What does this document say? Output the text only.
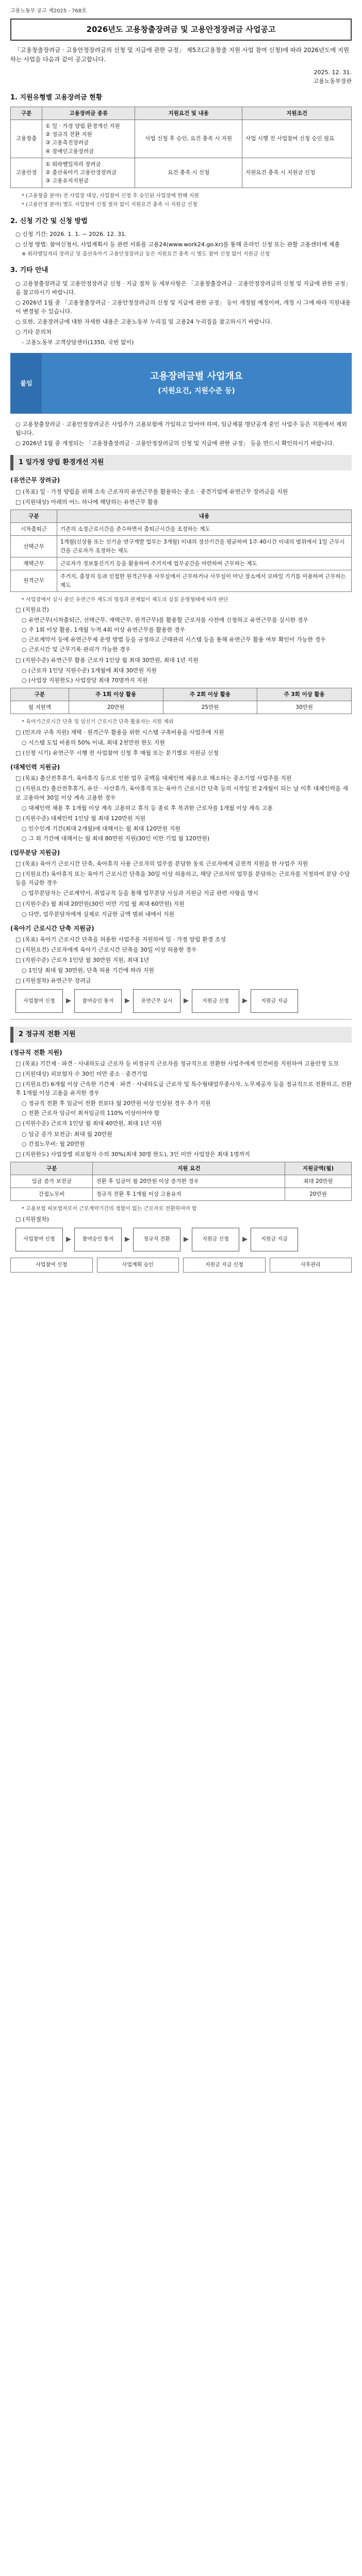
고용노동부 공고 제2025 - 768호
2026년도 고용창출장려금 및 고용안정장려금 사업공고
「고용창출장려금 · 고용안정장려금의 신청 및 지급에 관한 규정」 제5조(고용창출 지원 사업 참여 신청)에 따라 2026년도에 지원하는 사업을 다음과 같이 공고합니다.
2025. 12. 31.
고용노동부장관
1. 지원유형별 고용장려금 현황
구분	고용장려금 종류	지원요건 및 내용	지원조건
고용창출	① 일 · 가정 양립 환경개선 지원
② 정규직 전환 지원
③ 고용촉진장려금
④ 장애인고용장려금	사업 신청 후 승인, 요건 충족 시 지원	사업 시행 전 사업참여 신청 승인 필요
고용안정	① 워라밸일자리 장려금
② 출산육아기 고용안정장려금
③ 고용유지지원금	요건 충족 시 신청	지원요건 충족 시 지원금 신청
* (고용창출 분야) 전 사업장 대상, 사업참여 신청 후 승인된 사업장에 한해 지원
* (고용안정 분야) 별도 사업참여 신청 절차 없이 지원요건 충족 시 지원금 신청
2. 신청 기간 및 신청 방법
○ 신청 기간: 2026. 1. 1. ~ 2026. 12. 31.
○ 신청 방법: 참여신청서, 사업계획서 등 관련 서류를 고용24(www.work24.go.kr)를 통해 온라인 신청 또는 관할 고용센터에 제출
※ 워라밸일자리 장려금 및 출산육아기 고용안정장려금 등은 지원요건 충족 시 별도 참여 신청 없이 지원금 신청
3. 기타 안내
○ 고용창출장려금 및 고용안정장려금 신청 · 지급 절차 등 세부사항은 「고용창출장려금 · 고용안정장려금의 신청 및 지급에 관한 규정」을 참고하시기 바랍니다.
○ 2026년 1월 중 「고용창출장려금 · 고용안정장려금의 신청 및 지급에 관한 규정」 등이 개정될 예정이며, 개정 시 그에 따라 지원내용이 변경될 수 있습니다.
○ 또한, 고용장려금에 대한 자세한 내용은 고용노동부 누리집 및 고용24 누리집을 참고하시기 바랍니다.
○ 기타 문의처
- 고용노동부 고객상담센터(1350, 국번 없이)
붙임
고용장려금별 사업개요
(지원요건, 지원수준 등)
○ 고용창출장려금 · 고용안정장려금은 사업주가 고용보험에 가입하고 있어야 하며, 임금체불 명단공개 중인 사업주 등은 지원에서 제외됩니다.
○ 2026년 1월 중 개정되는 「고용창출장려금 · 고용안정장려금의 신청 및 지급에 관한 규정」 등을 반드시 확인하시기 바랍니다.
1 일가정 양립 환경개선 지원
(유연근무 장려금)
□ (목표) 일 · 가정 양립을 위해 소속 근로자의 유연근무를 활용하는 중소 · 중견기업에 유연근무 장려금을 지원
□ (지원대상) 아래의 어느 하나에 해당하는 유연근무 활용
구분	내용
시차출퇴근	기존의 소정근로시간을 준수하면서 출퇴근시간을 조정하는 제도
선택근무	1개월(신상품 또는 신기술 연구개발 업무는 3개월) 이내의 정산기간을 평균하여 1주 40시간 이내의 범위에서 1일 근무시간을 근로자가 조정하는 제도
재택근무	근로자가 정보통신기기 등을 활용하여 주거지에 업무공간을 마련하여 근무하는 제도
원격근무	주거지, 출장지 등과 인접한 원격근무용 사무실에서 근무하거나 사무실이 아닌 장소에서 모바일 기기를 이용하여 근무하는 제도
* 사업장에서 실시 중인 유연근무 제도의 명칭과 관계없이 제도의 실질 운영형태에 따라 판단
□ (지원요건)
○ 유연근무(시차출퇴근, 선택근무, 재택근무, 원격근무)를 활용할 근로자를 사전에 신청하고 유연근무를 실시한 경우
○ 주 1회 이상 활용, 1개월 누적 4회 이상 유연근무를 활용한 경우
○ 근로계약서 등에 유연근무제 운영 방법 등을 규정하고 근태관리 시스템 등을 통해 유연근무 활용 여부 확인이 가능한 경우
○ 근로시간 및 근무기록 관리가 가능한 경우
□ (지원수준) 유연근무 활용 근로자 1인당 월 최대 30만원, 최대 1년 지원
○ (근로자 1인당 지원수준) 1개월에 최대 30만원 지원
○ (사업장 지원한도) 사업장당 최대 70명까지 지원
구분	주 1회 이상 활용	주 2회 이상 활용	주 3회 이상 활용
월 지원액	20만원	25만원	30만원
* 육아기근로시간 단축 및 임신기 근로시간 단축 활용자는 지원 제외
□ (인프라 구축 지원) 재택 · 원격근무 활용을 위한 시스템 구축비용을 사업주에 지원
○ 시스템 도입 비용의 50% 이내, 최대 2천만원 한도 지원
□ (신청 시기) 유연근무 시행 전 사업참여 신청 후 매월 또는 분기별로 지원금 신청
(대체인력 지원금)
□ (목표) 출산전후휴가, 육아휴직 등으로 인한 업무 공백을 대체인력 채용으로 해소하는 중소기업 사업주를 지원
□ (지원요건) 출산전후휴가, 유산 · 사산휴가, 육아휴직 또는 육아기 근로시간 단축 등의 시작일 전 2개월이 되는 날 이후 대체인력을 새로 고용하여 30일 이상 계속 고용한 경우
○ 대체인력 채용 후 1개월 이상 계속 고용하고 휴직 등 종료 후 복귀한 근로자를 1개월 이상 계속 고용
□ (지원수준) 대체인력 1인당 월 최대 120만원 지원
○ 인수인계 기간(최대 2개월)에 대해서는 월 최대 120만원 지원
○ 그 외 기간에 대해서는 월 최대 80만원 지원(30인 미만 기업 월 120만원)
(업무분담 지원금)
□ (목표) 육아기 근로시간 단축, 육아휴직 사용 근로자의 업무를 분담한 동료 근로자에게 금전적 지원을 한 사업주 지원
□ (지원요건) 육아휴직 또는 육아기 근로시간 단축을 30일 이상 허용하고, 해당 근로자의 업무를 분담하는 근로자를 지정하여 분담 수당 등을 지급한 경우
○ 업무분담자는 근로계약서, 취업규칙 등을 통해 업무분담 사실과 지원금 지급 관련 사항을 명시
□ (지원수준) 월 최대 20만원(30인 미만 기업 월 최대 60만원) 지원
○ 다만, 업무분담자에게 실제로 지급한 금액 범위 내에서 지원
(육아기 근로시간 단축 지원금)
□ (목표) 육아기 근로시간 단축을 허용한 사업주를 지원하여 일 · 가정 양립 환경 조성
□ (지원요건) 근로자에게 육아기 근로시간 단축을 30일 이상 허용한 경우
□ (지원수준) 근로자 1인당 월 30만원 지원, 최대 1년
○ 1인당 최대 월 30만원, 단축 허용 기간에 따라 지원
□ (지원절차) 유연근무 장려금
사업참여 신청	▶	참여승인 통지	▶	유연근무 실시	▶	지원금 신청	▶	지원금 지급
2 정규직 전환 지원
(정규직 전환 지원)
□ (목표) 기간제 · 파견 · 사내하도급 근로자 등 비정규직 근로자를 정규직으로 전환한 사업주에게 인건비를 지원하여 고용안정 도모
□ (지원대상) 피보험자 수 30인 미만 중소 · 중견기업
□ (지원요건) 6개월 이상 근속한 기간제 · 파견 · 사내하도급 근로자 및 특수형태업무종사자, 노무제공자 등을 정규직으로 전환하고, 전환 후 1개월 이상 고용을 유지한 경우
○ 정규직 전환 후 임금이 전환 전보다 월 20만원 이상 인상된 경우 추가 지원
○ 전환 근로자 임금이 최저임금의 110% 이상이어야 함
□ (지원수준) 근로자 1인당 월 최대 40만원, 최대 1년 지원
○ 임금 증가 보전금: 최대 월 20만원
○ 간접노무비: 월 20만원
□ (지원한도) 사업장별 피보험자 수의 30%(최대 30명 한도), 3인 미만 사업장은 최대 1명까지
구분	지원 요건	지원금액(월)
임금 증가 보전금	전환 후 임금이 월 20만원 이상 증가한 경우	최대 20만원
간접노무비	정규직 전환 후 1개월 이상 고용유지	20만원
* 고용보험 피보험자로서 근로계약기간의 정함이 없는 근로자로 전환하여야 함
□ (지원절차)
사업참여 신청	▶	참여승인 통지	▶	정규직 전환	▶	지원금 신청	▶	지원금 지급
사업참여 신청	사업계획 승인	지원금 지급 신청	사후관리
